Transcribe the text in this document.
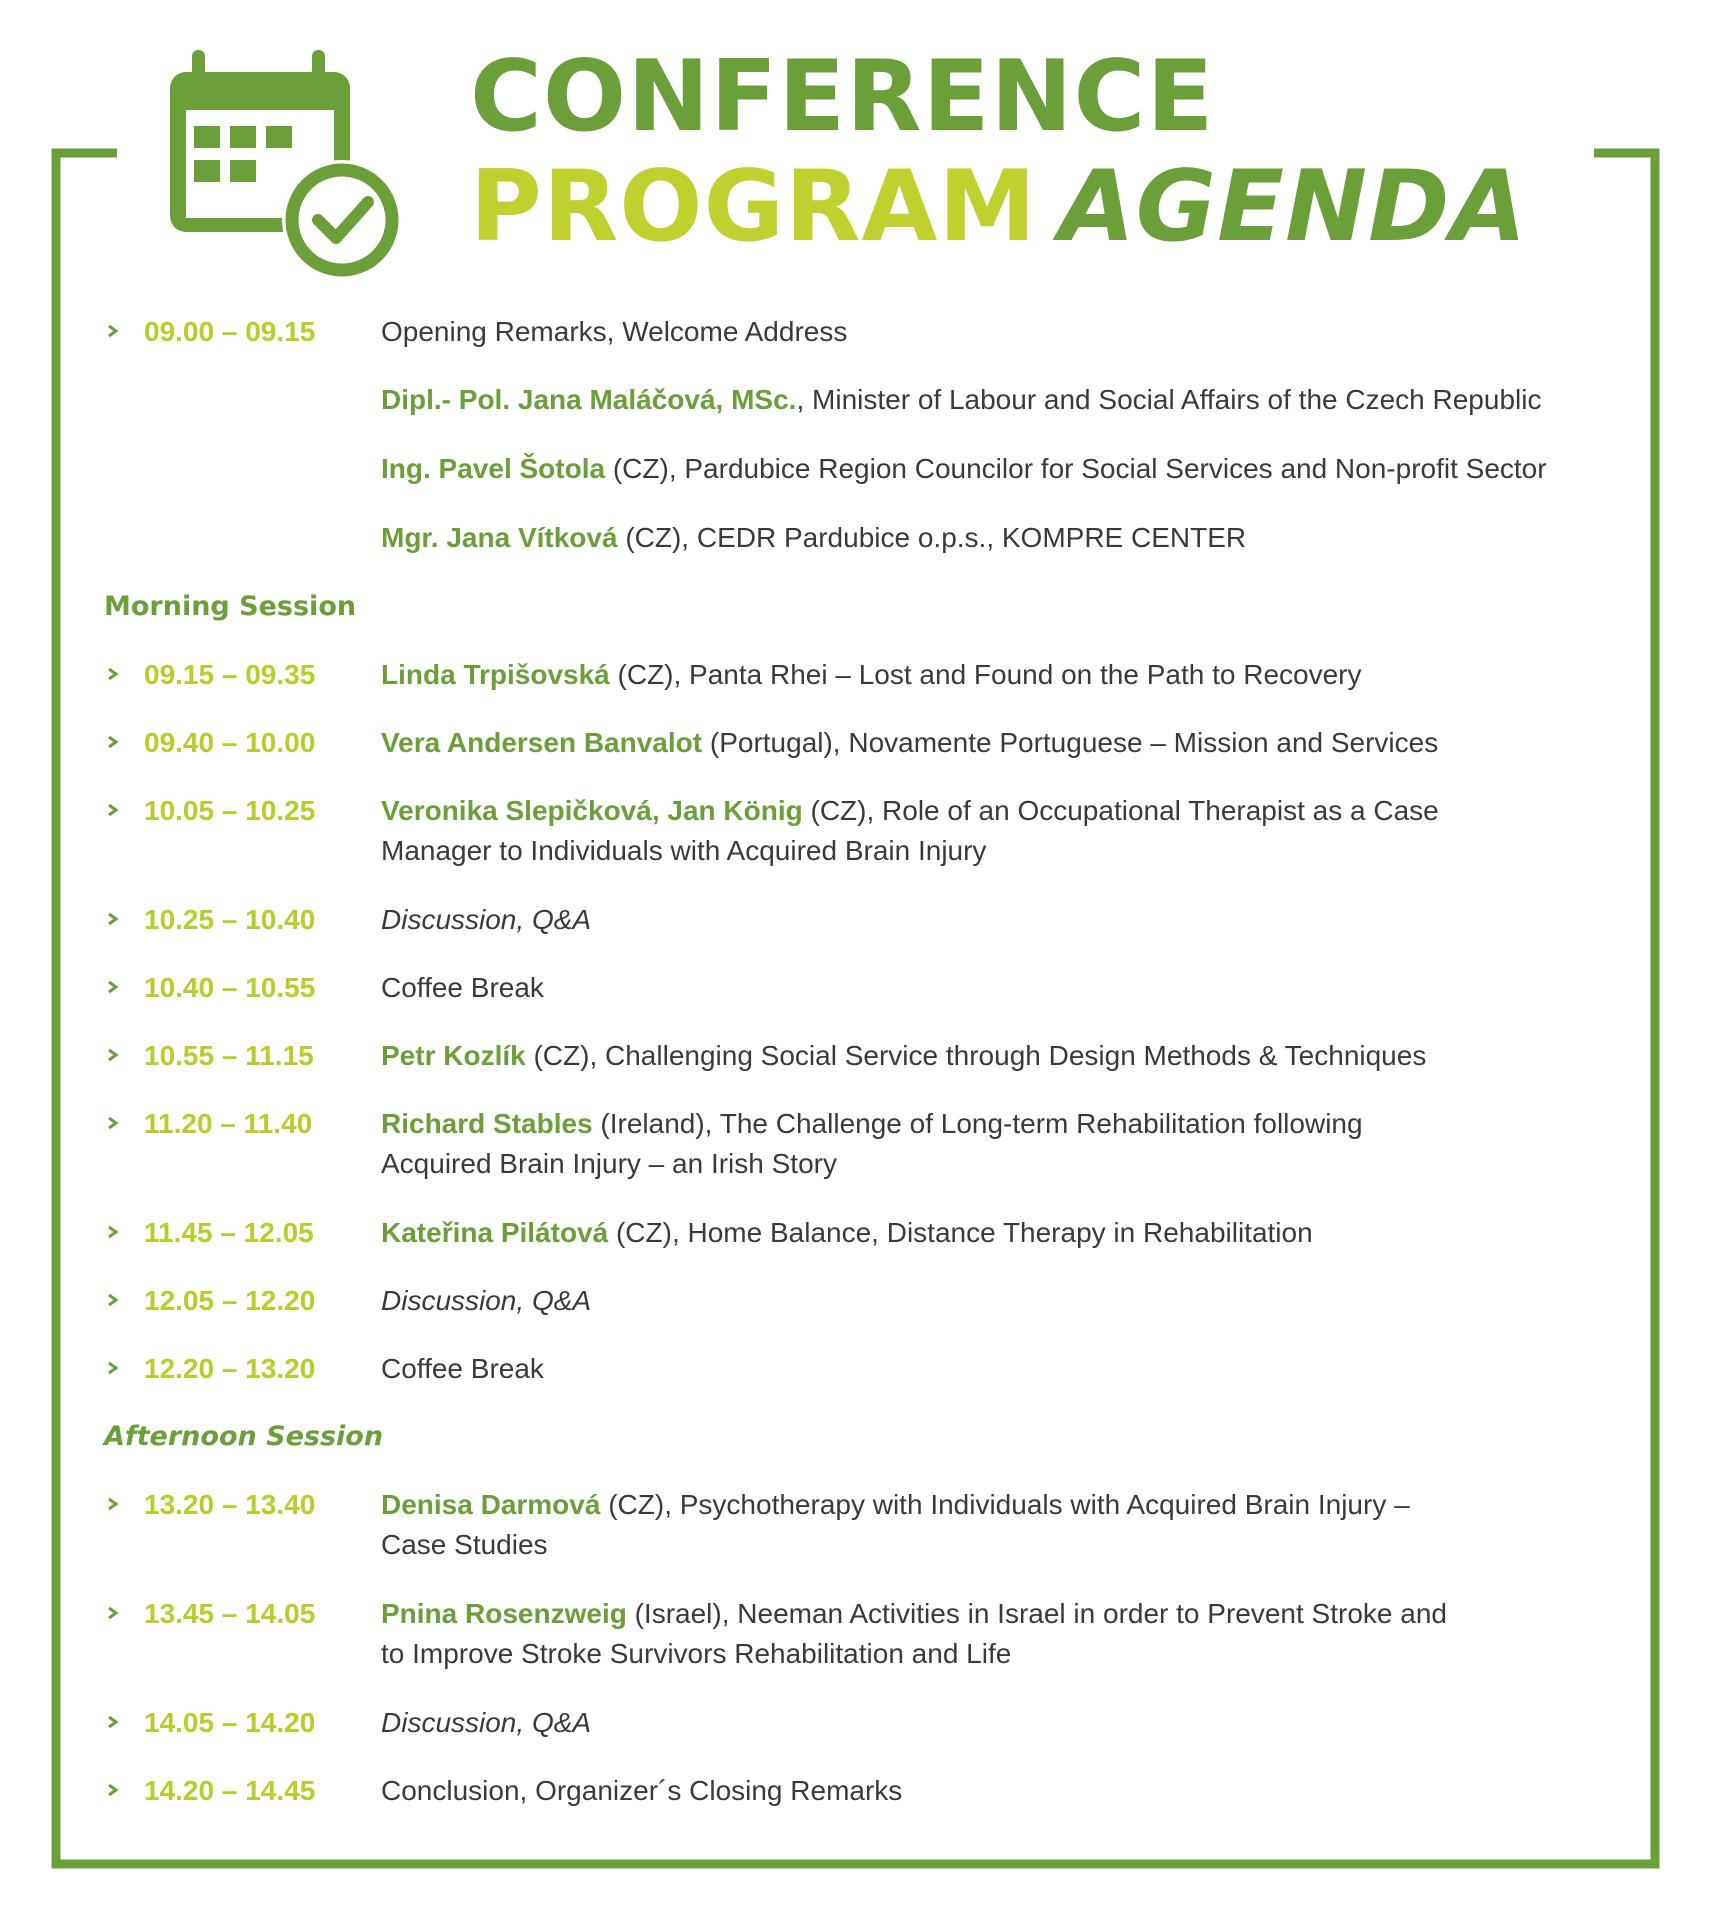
CONFERENCE
PROGRAM AGENDA
09.00 – 09.15 Opening Remarks, Welcome Address
Dipl.- Pol. Jana Maláčová, MSc., Minister of Labour and Social Affairs of the Czech Republic
Ing. Pavel Šotola (CZ), Pardubice Region Councilor for Social Services and Non-profit Sector
Mgr. Jana Vítková (CZ), CEDR Pardubice o.p.s., KOMPRE CENTER
Morning Session
09.15 – 09.35 Linda Trpišovská (CZ), Panta Rhei – Lost and Found on the Path to Recovery
09.40 – 10.00 Vera Andersen Banvalot (Portugal), Novamente Portuguese – Mission and Services
10.05 – 10.25 Veronika Slepičková, Jan König (CZ), Role of an Occupational Therapist as a Case Manager to Individuals with Acquired Brain Injury
10.25 – 10.40 Discussion, Q&A
10.40 – 10.55 Coffee Break
10.55 – 11.15 Petr Kozlík (CZ), Challenging Social Service through Design Methods & Techniques
11.20 – 11.40 Richard Stables (Ireland), The Challenge of Long-term Rehabilitation following Acquired Brain Injury – an Irish Story
11.45 – 12.05 Kateřina Pilátová (CZ), Home Balance, Distance Therapy in Rehabilitation
12.05 – 12.20 Discussion, Q&A
12.20 – 13.20 Coffee Break
Afternoon Session
13.20 – 13.40 Denisa Darmová (CZ), Psychotherapy with Individuals with Acquired Brain Injury – Case Studies
13.45 – 14.05 Pnina Rosenzweig (Israel), Neeman Activities in Israel in order to Prevent Stroke and to Improve Stroke Survivors Rehabilitation and Life
14.05 – 14.20 Discussion, Q&A
14.20 – 14.45 Conclusion, Organizer´s Closing Remarks
